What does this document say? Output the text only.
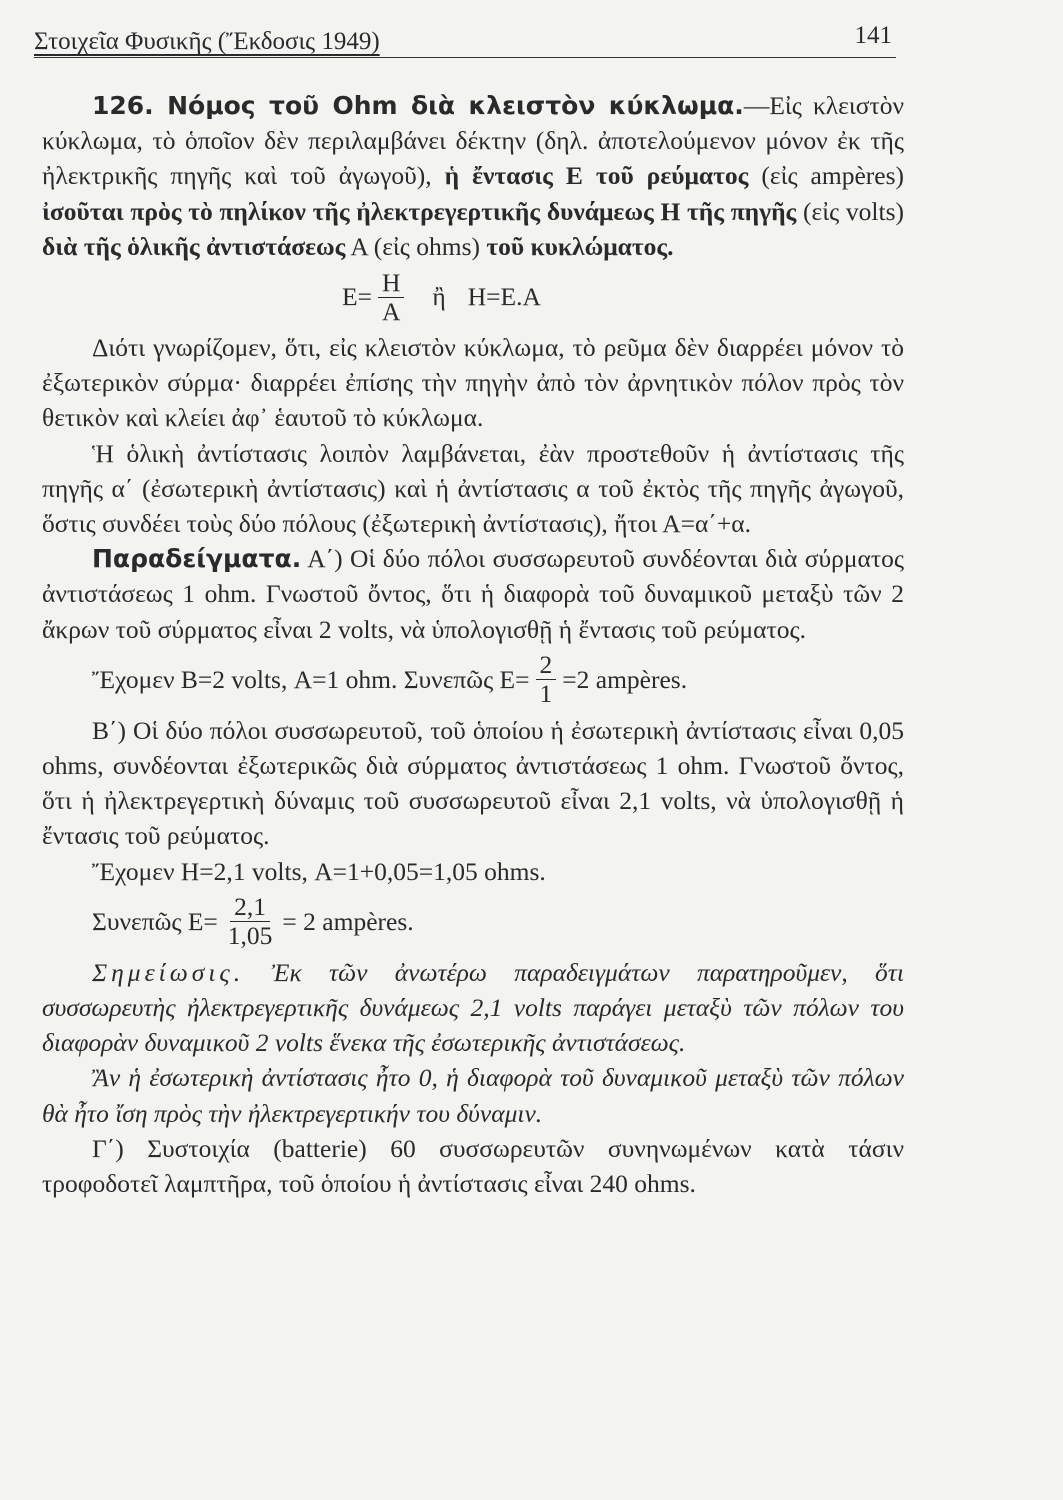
Στοιχεῖα Φυσικῆς (Ἔκδοσις 1949)	141

126. Νόμος τοῦ Ohm διὰ κλειστὸν κύκλωμα.—Εἰς κλειστὸν κύκλωμα, τὸ ὁποῖον δὲν περιλαμβάνει δέκτην (δηλ. ἀποτελούμενον μόνον ἐκ τῆς ἠλεκτρικῆς πηγῆς καὶ τοῦ ἀγωγοῦ), ἡ ἔντασις Ε τοῦ ρεύματος (εἰς ampères) ἰσοῦται πρὸς τὸ πηλίκον τῆς ἠλεκτρεγερτικῆς δυνάμεως Η τῆς πηγῆς (εἰς volts) διὰ τῆς ὁλικῆς ἀντιστάσεως Α (εἰς ohms) τοῦ κυκλώματος.

$E= \frac{H}{A}$ ἢ Η=Ε.Α

Διότι γνωρίζομεν, ὅτι, εἰς κλειστὸν κύκλωμα, τὸ ρεῦμα δὲν διαρρέει μόνον τὸ ἐξωτερικὸν σύρμα· διαρρέει ἐπίσης τὴν πηγὴν ἀπὸ τὸν ἀρνητικὸν πόλον πρὸς τὸν θετικὸν καὶ κλείει ἀφ᾽ ἑαυτοῦ τὸ κύκλωμα.

Ἡ ὁλικὴ ἀντίστασις λοιπὸν λαμβάνεται, ἐὰν προστεθοῦν ἡ ἀντίστασις τῆς πηγῆς α΄ (ἐσωτερικὴ ἀντίστασις) καὶ ἡ ἀντίστασις α τοῦ ἐκτὸς τῆς πηγῆς ἀγωγοῦ, ὅστις συνδέει τοὺς δύο πόλους (ἐξωτερικὴ ἀντίστασις), ἤτοι Α=α΄+α.

Παραδείγματα. Α΄) Οἱ δύο πόλοι συσσωρευτοῦ συνδέονται διὰ σύρματος ἀντιστάσεως 1 ohm. Γνωστοῦ ὄντος, ὅτι ἡ διαφορὰ τοῦ δυναμικοῦ μεταξὺ τῶν 2 ἄκρων τοῦ σύρματος εἶναι 2 volts, νὰ ὑπολογισθῇ ἡ ἔντασις τοῦ ρεύματος.

Ἔχομεν Β=2 volts, Α=1 ohm. Συνεπῶς $E= \frac{2}{1} =2$ ampères.

Β΄) Οἱ δύο πόλοι συσσωρευτοῦ, τοῦ ὁποίου ἡ ἐσωτερικὴ ἀντίστασις εἶναι 0,05 ohms, συνδέονται ἐξωτερικῶς διὰ σύρματος ἀντιστάσεως 1 ohm. Γνωστοῦ ὄντος, ὅτι ἡ ἠλεκτρεγερτικὴ δύναμις τοῦ συσσωρευτοῦ εἶναι 2,1 volts, νὰ ὑπολογισθῇ ἡ ἔντασις τοῦ ρεύματος.

Ἔχομεν Η=2,1 volts, Α=1+0,05=1,05 ohms.

Συνεπῶς $E= \frac{2,1}{1,05} = 2$ ampères.

Σημείωσις. Ἐκ τῶν ἀνωτέρω παραδειγμάτων παρατηροῦμεν, ὅτι συσσωρευτὴς ἠλεκτρεγερτικῆς δυνάμεως 2,1 volts παράγει μεταξὺ τῶν πόλων του διαφορὰν δυναμικοῦ 2 volts ἕνεκα τῆς ἐσωτερικῆς ἀντιστάσεως.

Ἂν ἡ ἐσωτερικὴ ἀντίστασις ἦτο 0, ἡ διαφορὰ τοῦ δυναμικοῦ μεταξὺ τῶν πόλων θὰ ἦτο ἴση πρὸς τὴν ἠλεκτρεγερτικήν του δύναμιν.

Γ΄) Συστοιχία (batterie) 60 συσσωρευτῶν συνηνωμένων κατὰ τάσιν τροφοδοτεῖ λαμπτῆρα, τοῦ ὁποίου ἡ ἀντίστασις εἶναι 240 ohms.
